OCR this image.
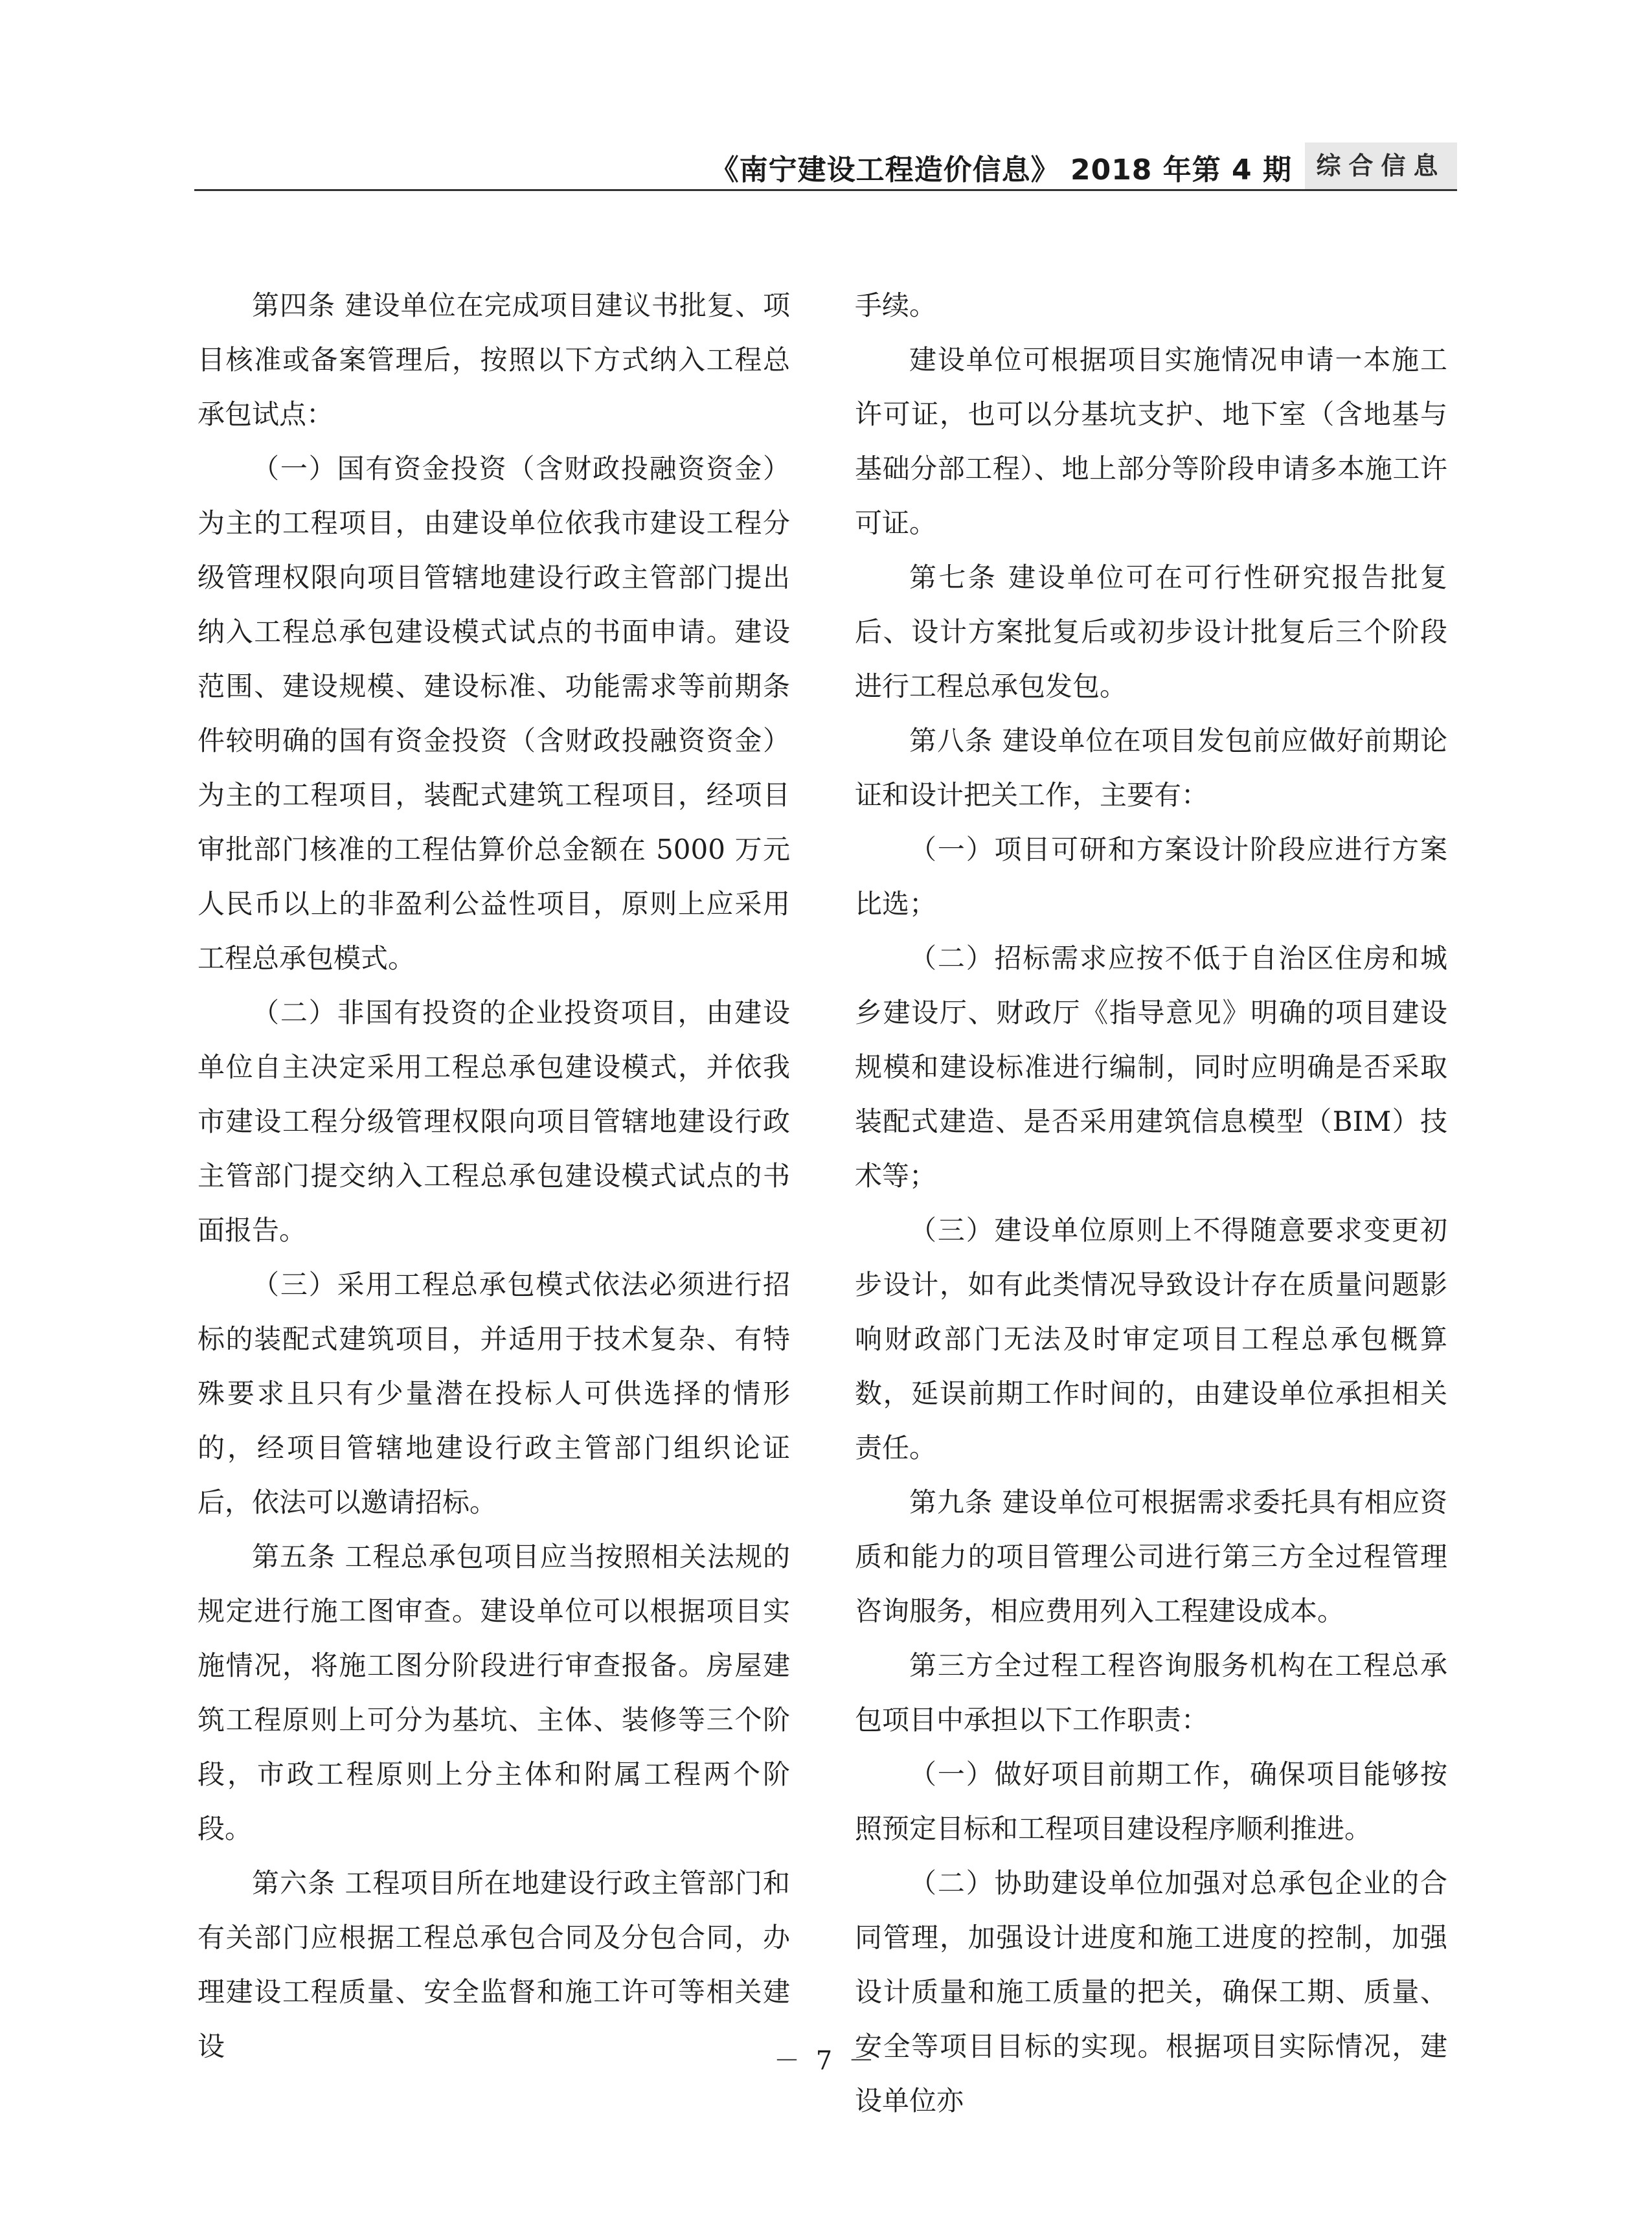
《南宁建设工程造价信息》 2018 年第 4 期 综合信息

第四条 建设单位在完成项目建议书批复、项目核准或备案管理后，按照以下方式纳入工程总承包试点：

（一）国有资金投资（含财政投融资资金）为主的工程项目，由建设单位依我市建设工程分级管理权限向项目管辖地建设行政主管部门提出纳入工程总承包建设模式试点的书面申请。建设范围、建设规模、建设标准、功能需求等前期条件较明确的国有资金投资（含财政投融资资金）为主的工程项目，装配式建筑工程项目，经项目审批部门核准的工程估算价总金额在 5000 万元人民币以上的非盈利公益性项目，原则上应采用工程总承包模式。

（二）非国有投资的企业投资项目，由建设单位自主决定采用工程总承包建设模式，并依我市建设工程分级管理权限向项目管辖地建设行政主管部门提交纳入工程总承包建设模式试点的书面报告。

（三）采用工程总承包模式依法必须进行招标的装配式建筑项目，并适用于技术复杂、有特殊要求且只有少量潜在投标人可供选择的情形的，经项目管辖地建设行政主管部门组织论证后，依法可以邀请招标。

第五条 工程总承包项目应当按照相关法规的规定进行施工图审查。建设单位可以根据项目实施情况，将施工图分阶段进行审查报备。房屋建筑工程原则上可分为基坑、主体、装修等三个阶段，市政工程原则上分主体和附属工程两个阶段。

第六条 工程项目所在地建设行政主管部门和有关部门应根据工程总承包合同及分包合同，办理建设工程质量、安全监督和施工许可等相关建设

手续。

建设单位可根据项目实施情况申请一本施工许可证，也可以分基坑支护、地下室（含地基与基础分部工程）、地上部分等阶段申请多本施工许可证。

第七条 建设单位可在可行性研究报告批复后、设计方案批复后或初步设计批复后三个阶段进行工程总承包发包。

第八条 建设单位在项目发包前应做好前期论证和设计把关工作，主要有：

（一）项目可研和方案设计阶段应进行方案比选；

（二）招标需求应按不低于自治区住房和城乡建设厅、财政厅《指导意见》明确的项目建设规模和建设标准进行编制，同时应明确是否采取装配式建造、是否采用建筑信息模型（BIM）技术等；

（三）建设单位原则上不得随意要求变更初步设计，如有此类情况导致设计存在质量问题影响财政部门无法及时审定项目工程总承包概算数，延误前期工作时间的，由建设单位承担相关责任。

第九条 建设单位可根据需求委托具有相应资质和能力的项目管理公司进行第三方全过程管理咨询服务，相应费用列入工程建设成本。

第三方全过程工程咨询服务机构在工程总承包项目中承担以下工作职责：

（一）做好项目前期工作，确保项目能够按照预定目标和工程项目建设程序顺利推进。

（二）协助建设单位加强对总承包企业的合同管理，加强设计进度和施工进度的控制，加强设计质量和施工质量的把关，确保工期、质量、安全等项目目标的实现。根据项目实际情况，建设单位亦

－ 7 －
